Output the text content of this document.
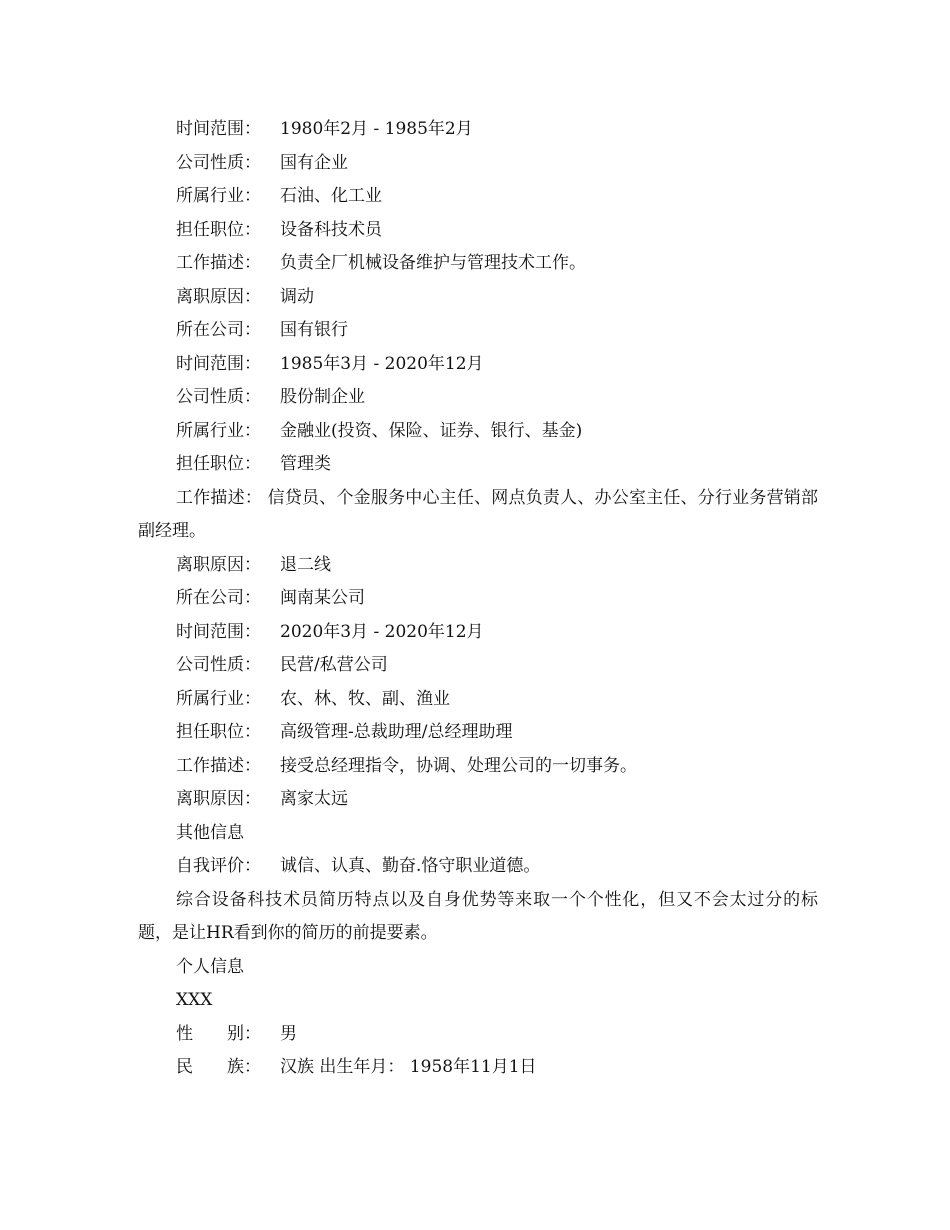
时间范围：	1980年2月 - 1985年2月
公司性质：	国有企业
所属行业：	石油、化工业
担任职位：	设备科技术员
工作描述：	负责全厂机械设备维护与管理技术工作。
离职原因：	调动
所在公司：	国有银行
时间范围：	1985年3月 - 2020年12月
公司性质：	股份制企业
所属行业：	金融业(投资、保险、证券、银行、基金)
担任职位：	管理类
工作描述： 信贷员、个金服务中心主任、网点负责人、办公室主任、分行业务营销部副经理。
离职原因：	退二线
所在公司：	闽南某公司
时间范围：	2020年3月 - 2020年12月
公司性质：	民营/私营公司
所属行业：	农、林、牧、副、渔业
担任职位：	高级管理-总裁助理/总经理助理
工作描述：	接受总经理指令，协调、处理公司的一切事务。
离职原因：	离家太远
其他信息
自我评价：	诚信、认真、勤奋.恪守职业道德。
综合设备科技术员简历特点以及自身优势等来取一个个性化，但又不会太过分的标题，是让HR看到你的简历的前提要素。
个人信息
XXX
性　　别：	男
民　　族：	汉族 出生年月： 1958年11月1日
